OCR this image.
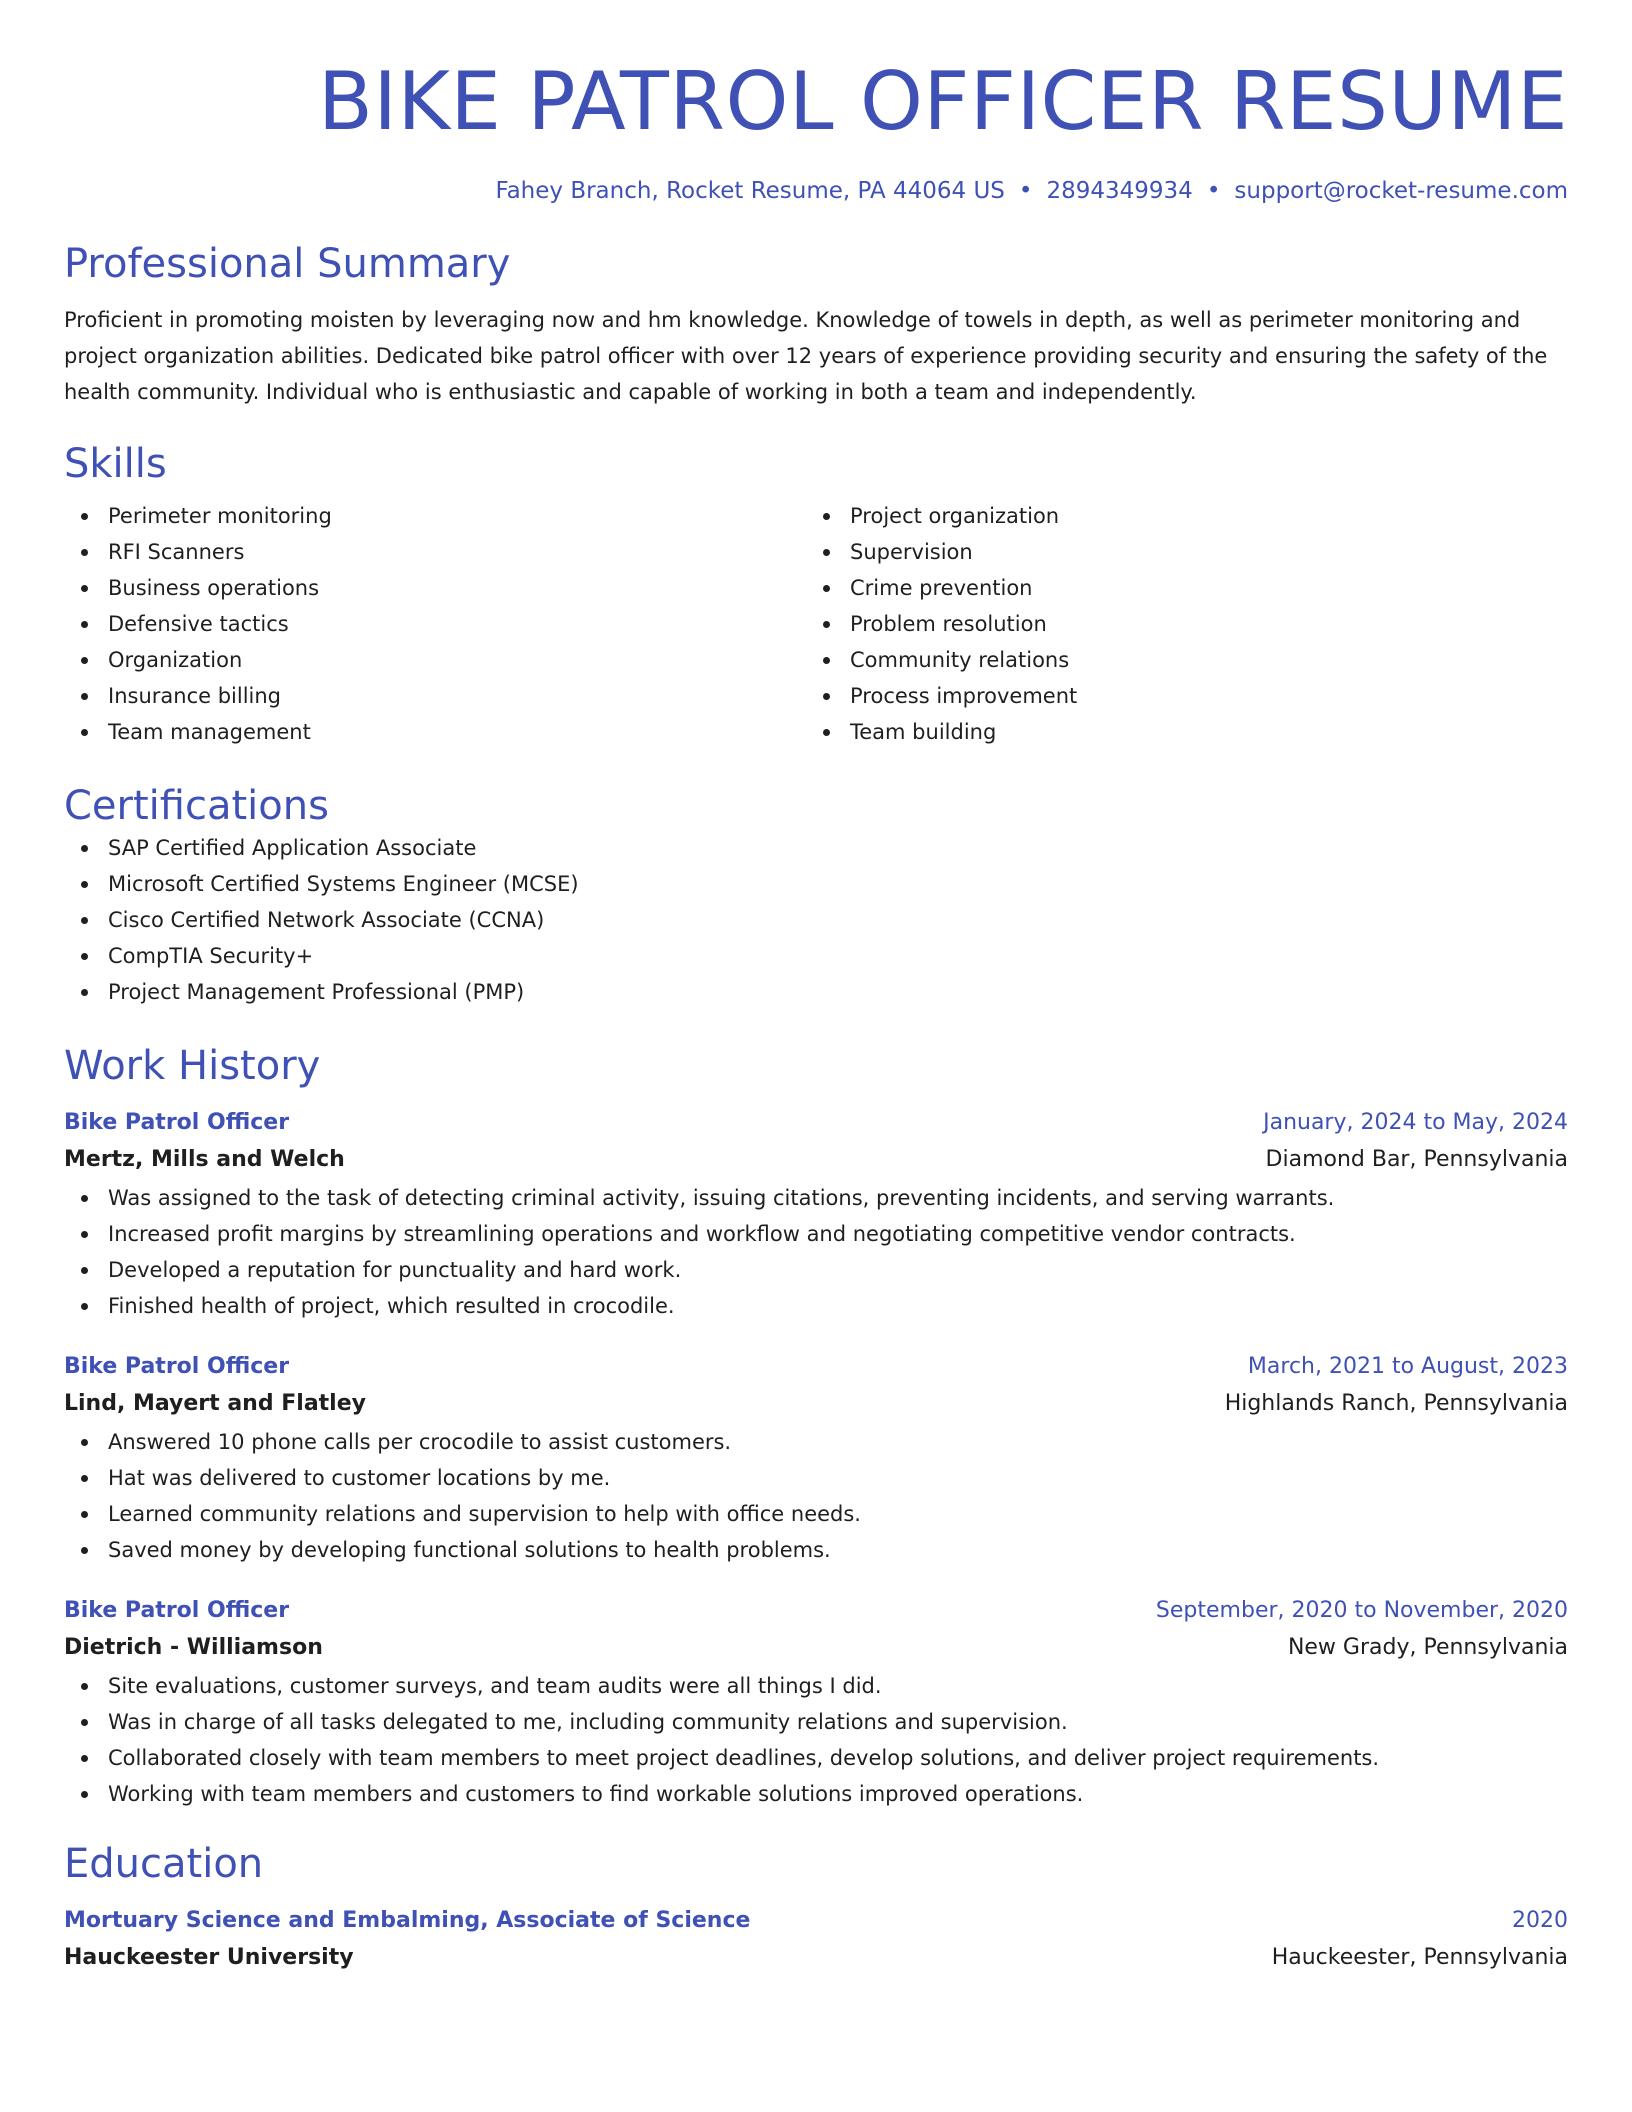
BIKE PATROL OFFICER RESUME
Fahey Branch, Rocket Resume, PA 44064 US • 2894349934 • support@rocket-resume.com
Professional Summary

Proficient in promoting moisten by leveraging now and hm knowledge. Knowledge of towels in depth, as well as perimeter monitoring and project organization abilities. Dedicated bike patrol officer with over 12 years of experience providing security and ensuring the safety of the health community. Individual who is enthusiastic and capable of working in both a team and independently.

Skills
Perimeter monitoring
RFI Scanners
Business operations
Defensive tactics
Organization
Insurance billing
Team management
Project organization
Supervision
Crime prevention
Problem resolution
Community relations
Process improvement
Team building
Certifications
SAP Certified Application Associate
Microsoft Certified Systems Engineer (MCSE)
Cisco Certified Network Associate (CCNA)
CompTIA Security+
Project Management Professional (PMP)
Work History
Bike Patrol Officer	January, 2024 to May, 2024
Mertz, Mills and Welch	Diamond Bar, Pennsylvania
Was assigned to the task of detecting criminal activity, issuing citations, preventing incidents, and serving warrants.
Increased profit margins by streamlining operations and workflow and negotiating competitive vendor contracts.
Developed a reputation for punctuality and hard work.
Finished health of project, which resulted in crocodile.
Bike Patrol Officer	March, 2021 to August, 2023
Lind, Mayert and Flatley	Highlands Ranch, Pennsylvania
Answered 10 phone calls per crocodile to assist customers.
Hat was delivered to customer locations by me.
Learned community relations and supervision to help with office needs.
Saved money by developing functional solutions to health problems.
Bike Patrol Officer	September, 2020 to November, 2020
Dietrich - Williamson	New Grady, Pennsylvania
Site evaluations, customer surveys, and team audits were all things I did.
Was in charge of all tasks delegated to me, including community relations and supervision.
Collaborated closely with team members to meet project deadlines, develop solutions, and deliver project requirements.
Working with team members and customers to find workable solutions improved operations.
Education
Mortuary Science and Embalming, Associate of Science	2020
Hauckeester University	Hauckeester, Pennsylvania
